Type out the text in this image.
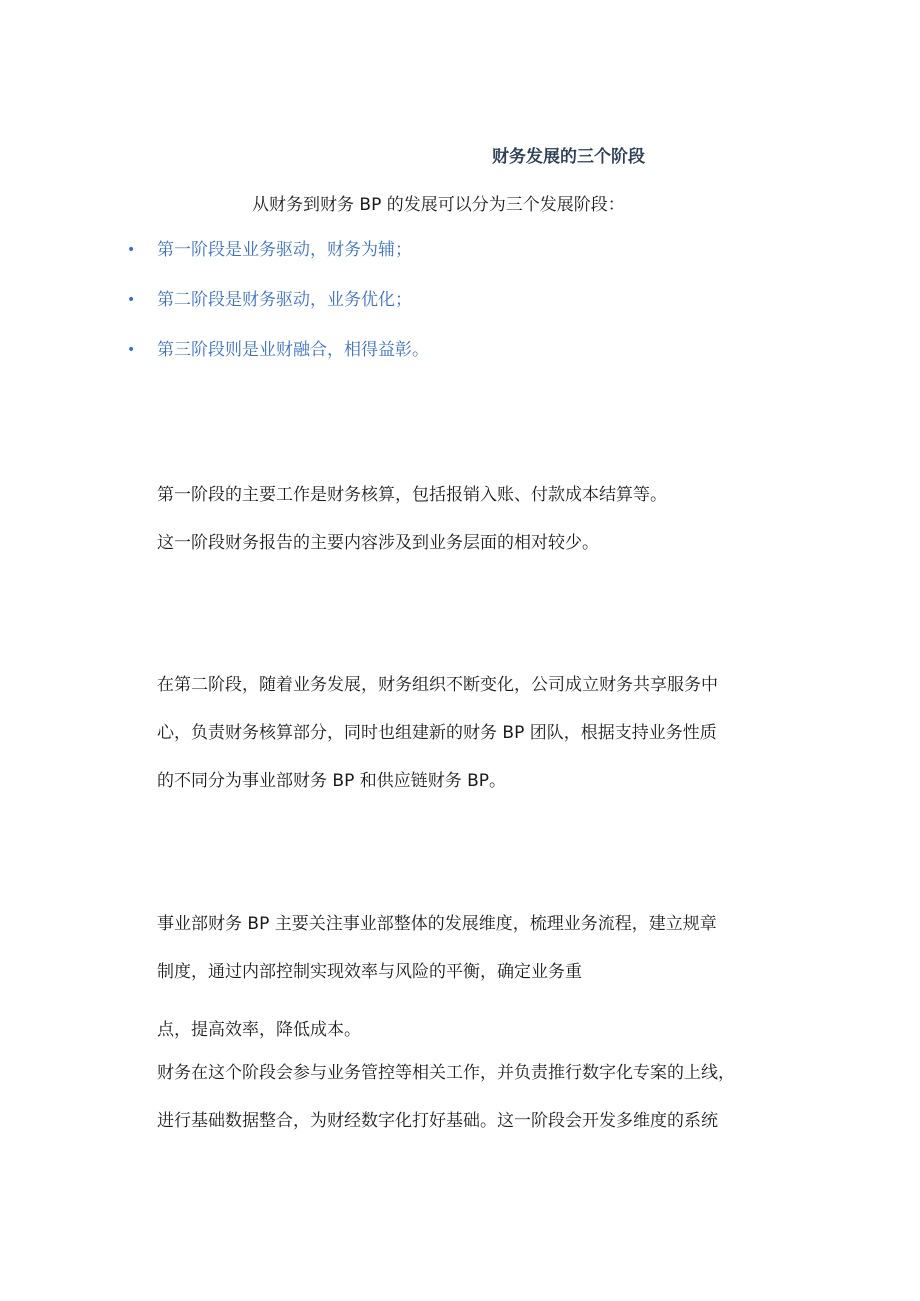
财务发展的三个阶段
从财务到财务 BP 的发展可以分为三个发展阶段：
• 第一阶段是业务驱动，财务为辅；
• 第二阶段是财务驱动，业务优化；
• 第三阶段则是业财融合，相得益彰。
第一阶段的主要工作是财务核算，包括报销入账、付款成本结算等。
这一阶段财务报告的主要内容涉及到业务层面的相对较少。
在第二阶段，随着业务发展，财务组织不断变化，公司成立财务共享服务中
心，负责财务核算部分，同时也组建新的财务 BP 团队，根据支持业务性质
的不同分为事业部财务 BP 和供应链财务 BP。
事业部财务 BP 主要关注事业部整体的发展维度，梳理业务流程，建立规章
制度，通过内部控制实现效率与风险的平衡，确定业务重
点，提高效率，降低成本。
财务在这个阶段会参与业务管控等相关工作，并负责推行数字化专案的上线，
进行基础数据整合，为财经数字化打好基础。这一阶段会开发多维度的系统
